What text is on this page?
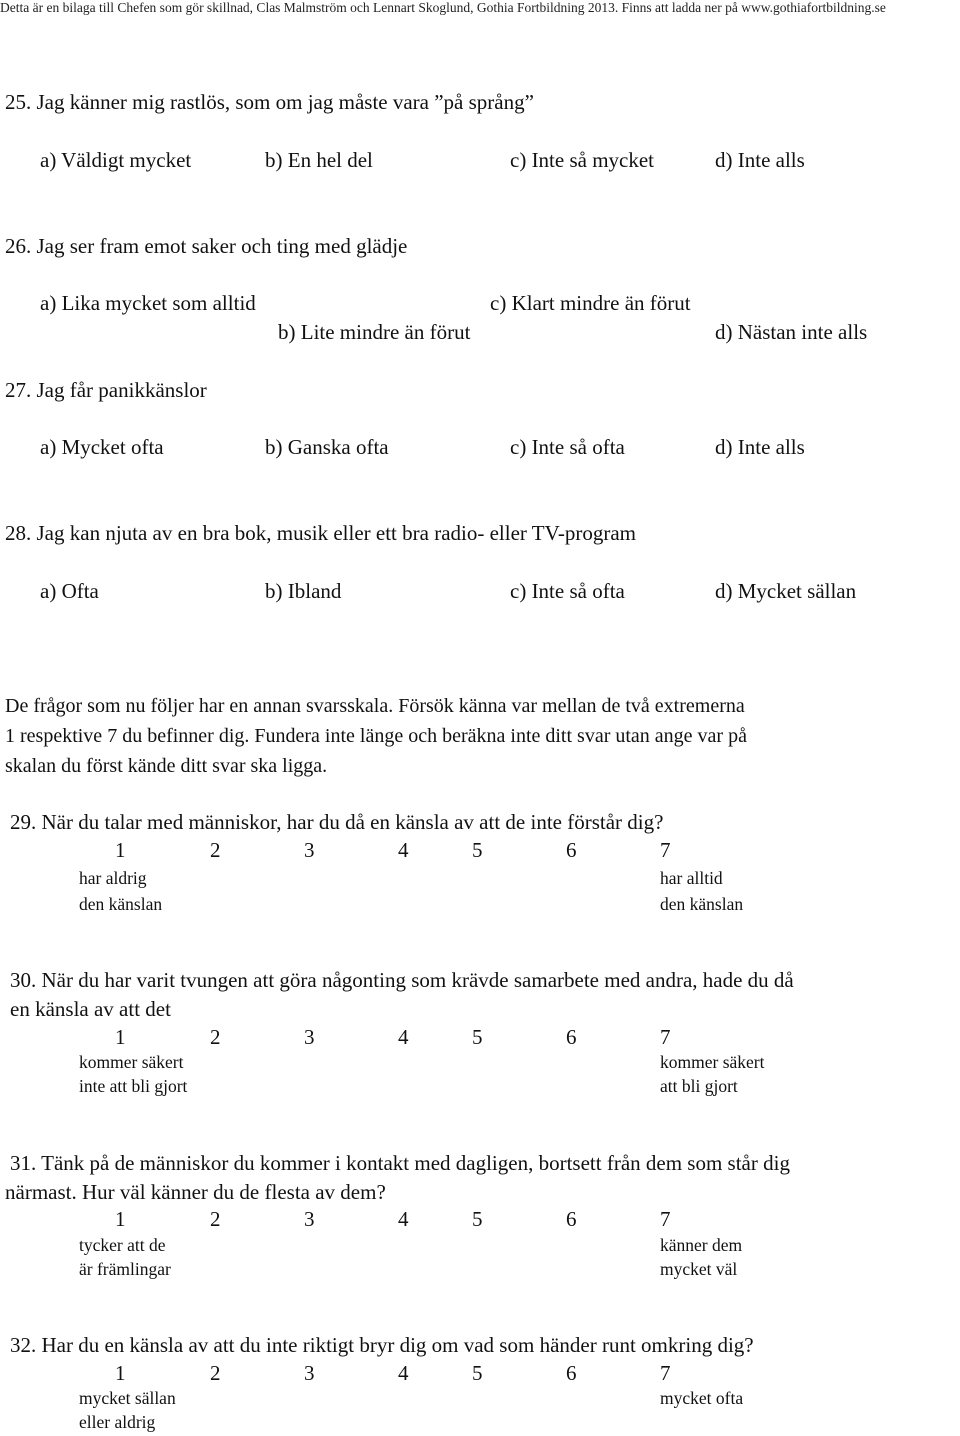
Detta är en bilaga till Chefen som gör skillnad, Clas Malmström och Lennart Skoglund, Gothia Fortbildning 2013. Finns att ladda ner på www.gothiafortbildning.se
25. Jag känner mig rastlös, som om jag måste vara ”på språng”
a) Väldigt mycket	b) En hel del	c) Inte så mycket	d) Inte alls
26. Jag ser fram emot saker och ting med glädje
a) Lika mycket som alltid	c) Klart mindre än förut
b) Lite mindre än förut	d) Nästan inte alls
27. Jag får panikkänslor
a) Mycket ofta	b) Ganska ofta	c) Inte så ofta	d) Inte alls
28. Jag kan njuta av en bra bok, musik eller ett bra radio- eller TV-program
a) Ofta	b) Ibland	c) Inte så ofta	d) Mycket sällan
De frågor som nu följer har en annan svarsskala. Försök känna var mellan de två extremerna
1 respektive 7 du befinner dig. Fundera inte länge och beräkna inte ditt svar utan ange var på
skalan du först kände ditt svar ska ligga.
29. När du talar med människor, har du då en känsla av att de inte förstår dig?
1	2	3	4	5	6	7
har aldrig
den känslan
har alltid
den känslan
30. När du har varit tvungen att göra någonting som krävde samarbete med andra, hade du då
en känsla av att det
1	2	3	4	5	6	7
kommer säkert
inte att bli gjort
kommer säkert
att bli gjort
31. Tänk på de människor du kommer i kontakt med dagligen, bortsett från dem som står dig
närmast. Hur väl känner du de flesta av dem?
1	2	3	4	5	6	7
tycker att de
är främlingar
känner dem
mycket väl
32. Har du en känsla av att du inte riktigt bryr dig om vad som händer runt omkring dig?
1	2	3	4	5	6	7
mycket sällan
eller aldrig
mycket ofta
